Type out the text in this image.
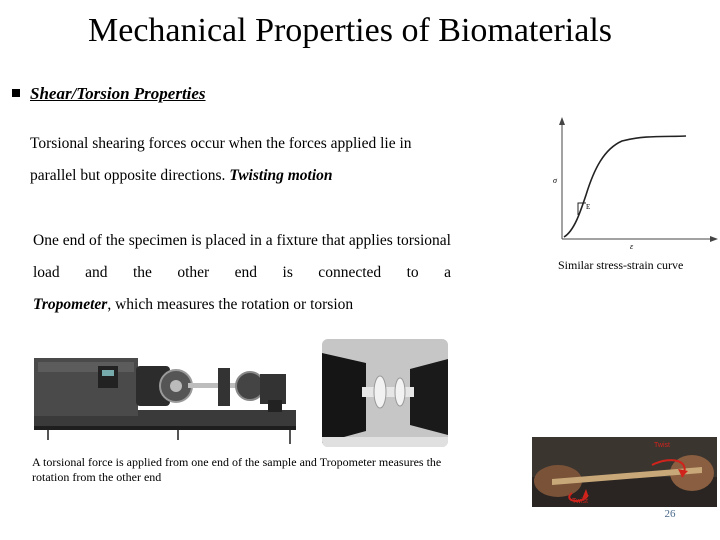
Mechanical Properties of Biomaterials
Shear/Torsion Properties
Torsional shearing forces occur when the forces applied lie in parallel but opposite directions. Twisting motion
One end of the specimen is placed in a fixture that applies torsional load and the other end is connected to a
Tropometer, which measures the rotation or torsion
E
σ
ε
Similar stress-strain curve
A torsional force is applied from one end of the sample and Tropometer measures the rotation from the other end
Twist
Twist
26
